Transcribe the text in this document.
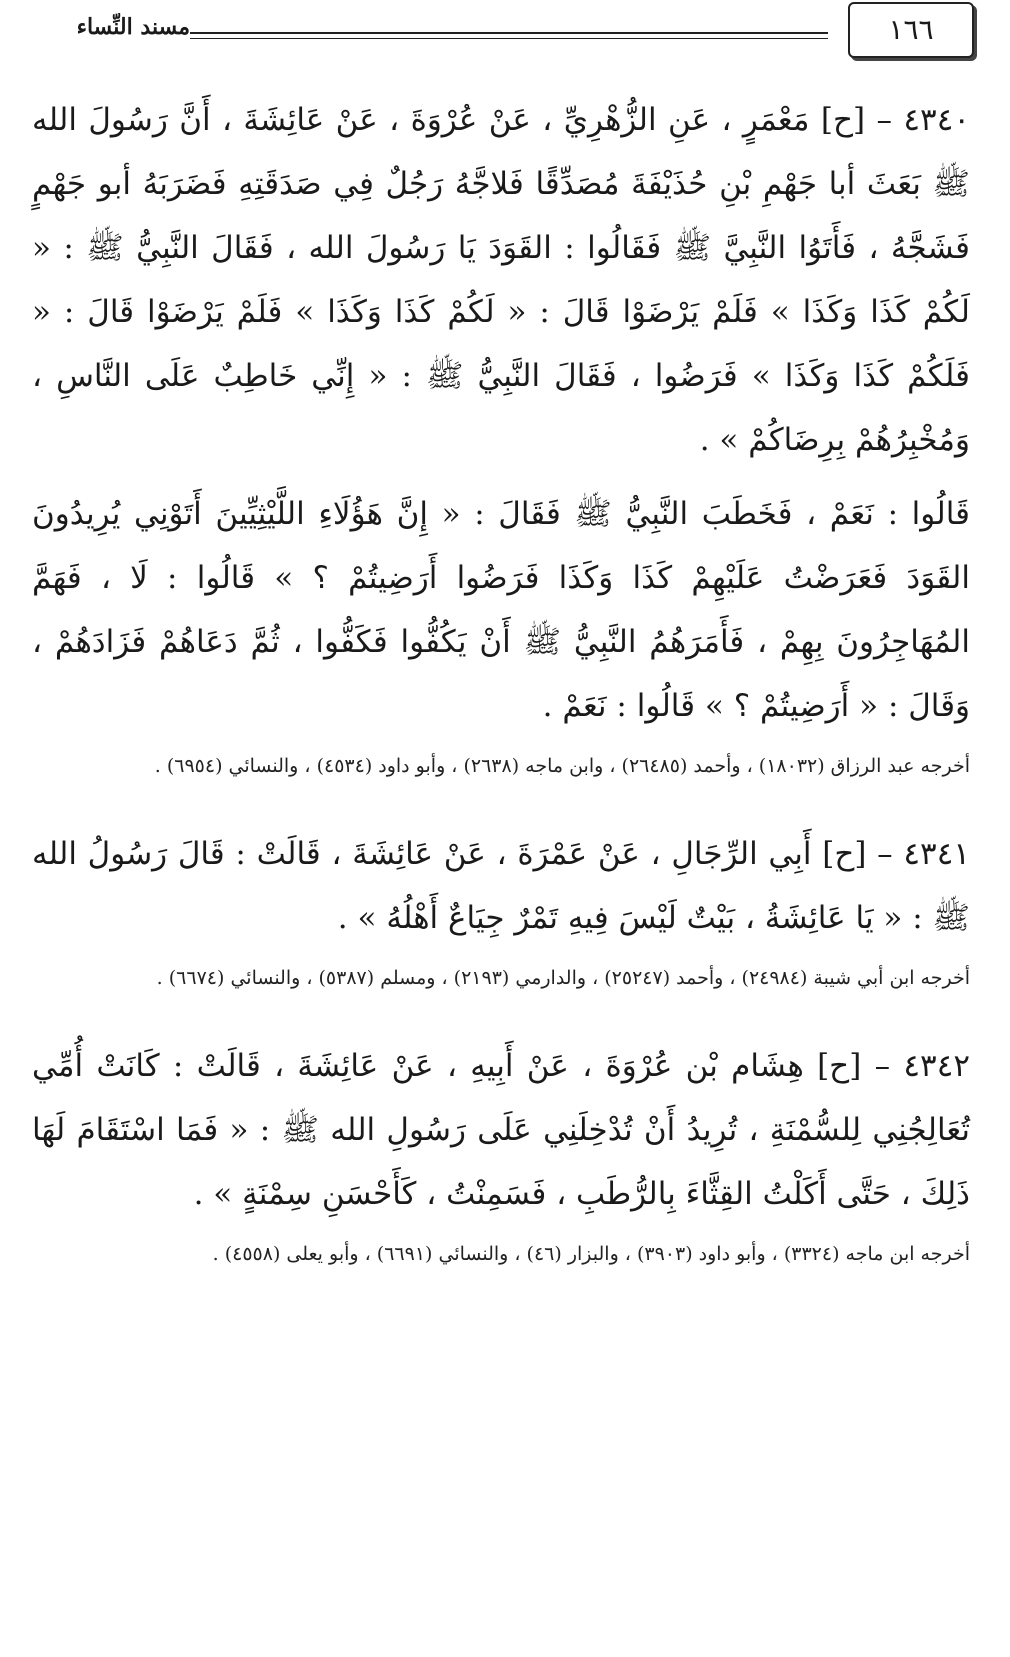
١٦٦
مسند النِّساء

٤٣٤٠ – [ح] مَعْمَرٍ ، عَنِ الزُّهْرِيِّ ، عَنْ عُرْوَةَ ، عَنْ عَائِشَةَ ، أَنَّ رَسُولَ الله ﷺ بَعَثَ أبا جَهْمِ بْنِ حُذَيْفَةَ مُصَدِّقًا فَلاجَّهُ رَجُلٌ فِي صَدَقَتِهِ فَضَرَبَهُ أبو جَهْمٍ فَشَجَّهُ ، فَأَتَوُا النَّبِيَّ ﷺ فَقَالُوا : القَوَدَ يَا رَسُولَ الله ، فَقَالَ النَّبِيُّ ﷺ : « لَكُمْ كَذَا وَكَذَا » فَلَمْ يَرْضَوْا قَالَ : « لَكُمْ كَذَا وَكَذَا » فَلَمْ يَرْضَوْا قَالَ : « فَلَكُمْ كَذَا وَكَذَا » فَرَضُوا ، فَقَالَ النَّبِيُّ ﷺ : « إِنِّي خَاطِبٌ عَلَى النَّاسِ ، وَمُخْبِرُهُمْ بِرِضَاكُمْ » .

قَالُوا : نَعَمْ ، فَخَطَبَ النَّبِيُّ ﷺ فَقَالَ : « إِنَّ هَؤُلَاءِ اللَّيْثِيِّينَ أَتَوْنِي يُرِيدُونَ القَوَدَ فَعَرَضْتُ عَلَيْهِمْ كَذَا وَكَذَا فَرَضُوا أَرَضِيتُمْ ؟ » قَالُوا : لَا ، فَهَمَّ المُهَاجِرُونَ بِهِمْ ، فَأَمَرَهُمُ النَّبِيُّ ﷺ أَنْ يَكُفُّوا فَكَفُّوا ، ثُمَّ دَعَاهُمْ فَزَادَهُمْ ، وَقَالَ : « أَرَضِيتُمْ ؟ » قَالُوا : نَعَمْ .

أخرجه عبد الرزاق (١٨٠٣٢) ، وأحمد (٢٦٤٨٥) ، وابن ماجه (٢٦٣٨) ، وأبو داود (٤٥٣٤) ، والنسائي (٦٩٥٤) .

٤٣٤١ – [ح] أَبِي الرِّجَالِ ، عَنْ عَمْرَةَ ، عَنْ عَائِشَةَ ، قَالَتْ : قَالَ رَسُولُ الله ﷺ : « يَا عَائِشَةُ ، بَيْتٌ لَيْسَ فِيهِ تَمْرٌ جِيَاعٌ أَهْلُهُ » .

أخرجه ابن أبي شيبة (٢٤٩٨٤) ، وأحمد (٢٥٢٤٧) ، والدارمي (٢١٩٣) ، ومسلم (٥٣٨٧) ، والنسائي (٦٦٧٤) .

٤٣٤٢ – [ح] هِشَام بْن عُرْوَةَ ، عَنْ أَبِيهِ ، عَنْ عَائِشَةَ ، قَالَتْ : كَانَتْ أُمِّي تُعَالِجُنِي لِلسُّمْنَةِ ، تُرِيدُ أَنْ تُدْخِلَنِي عَلَى رَسُولِ الله ﷺ : « فَمَا اسْتَقَامَ لَهَا ذَلِكَ ، حَتَّى أَكَلْتُ القِثَّاءَ بِالرُّطَبِ ، فَسَمِنْتُ ، كَأَحْسَنِ سِمْنَةٍ » .

أخرجه ابن ماجه (٣٣٢٤) ، وأبو داود (٣٩٠٣) ، والبزار (٤٦) ، والنسائي (٦٦٩١) ، وأبو يعلى (٤٥٥٨) .
